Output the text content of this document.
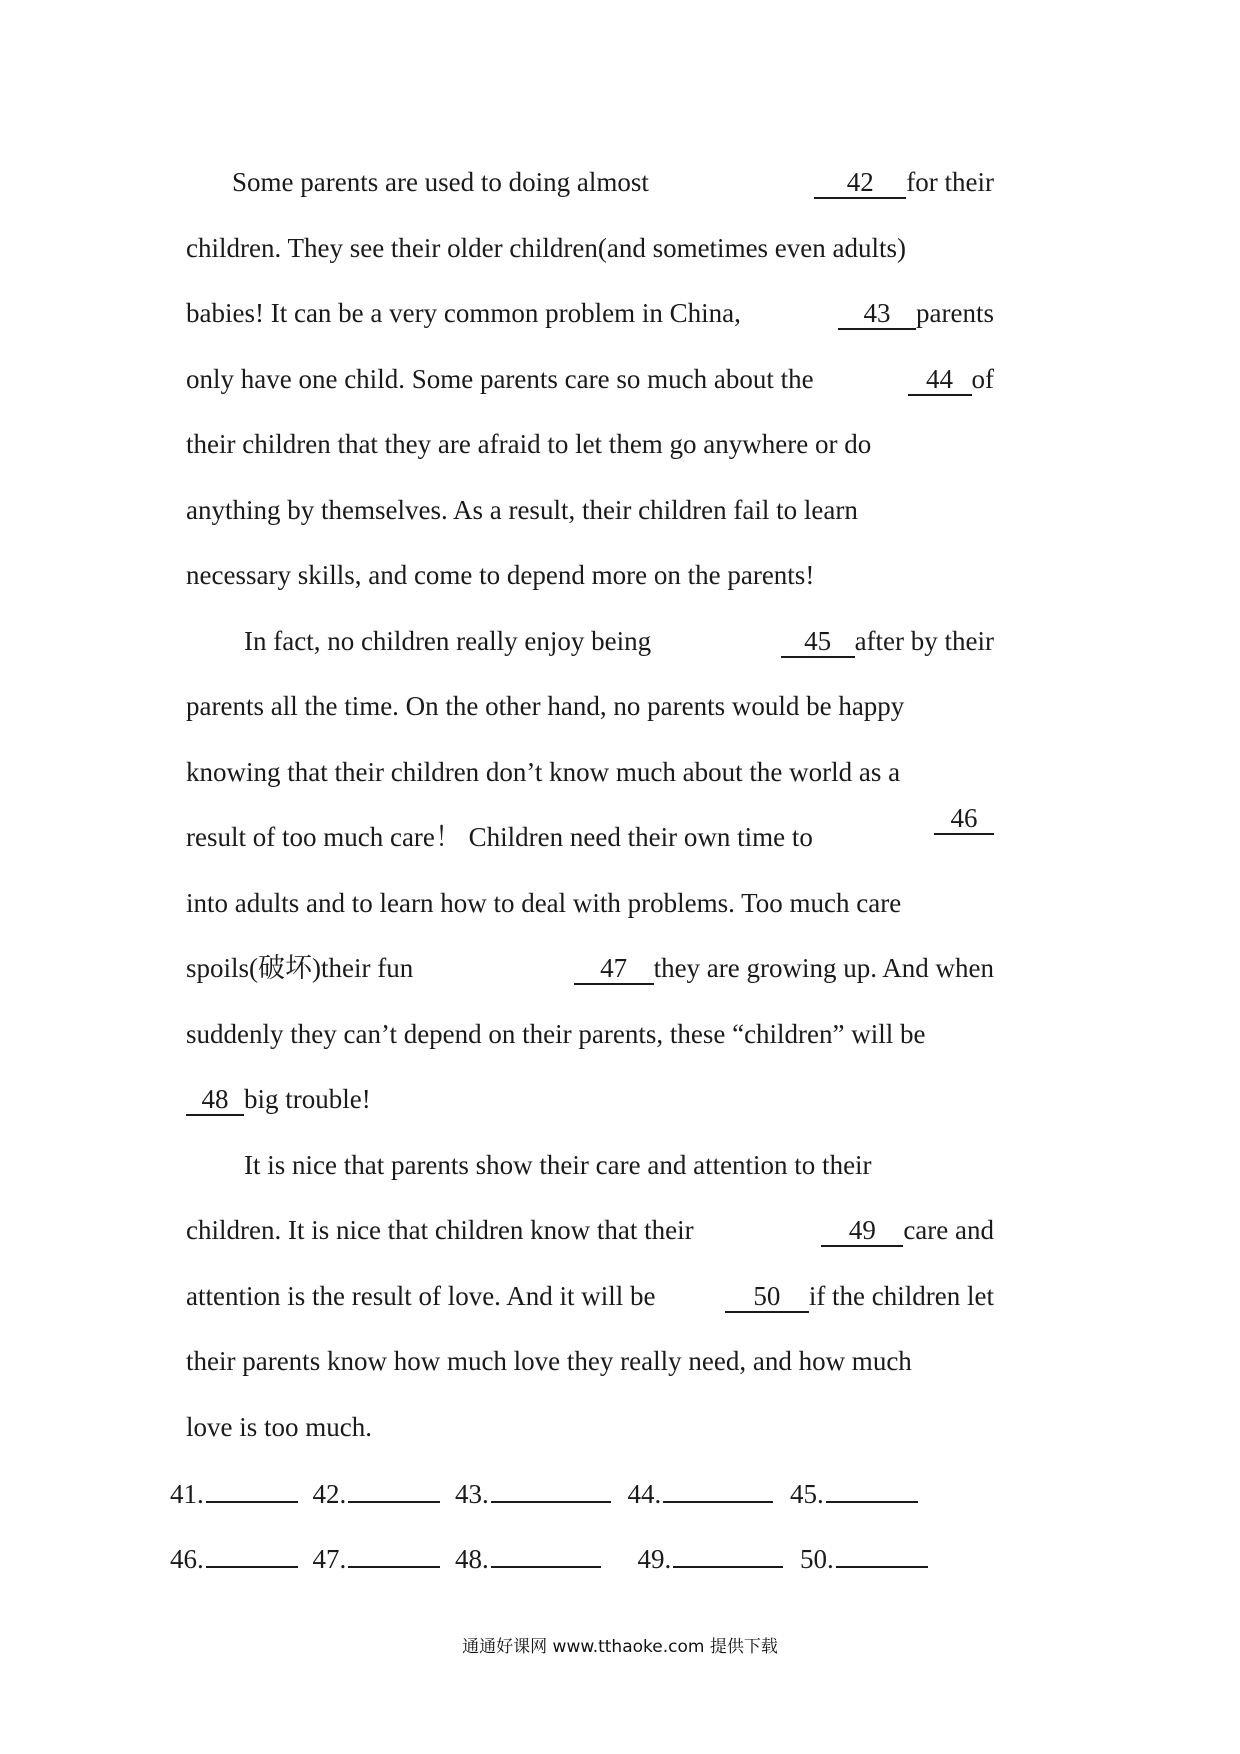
Some parents are used to doing almost	42 for their
children. They see their older children(and sometimes even adults)
babies! It can be a very common problem in China,	43 parents
only have one child. Some parents care so much about the	44 of
their children that they are afraid to let them go anywhere or do
anything by themselves. As a result, their children fail to learn
necessary skills, and come to depend more on the parents!
In fact, no children really enjoy being	45 after by their
parents all the time. On the other hand, no parents would be happy
knowing that their children don’t know much about the world as a
result of too much care！ Children need their own time to
46
into adults and to learn how to deal with problems. Too much care
spoils(破坏)their fun	47 they are growing up. And when
suddenly they can’t depend on their parents, these “children” will be
48 big trouble!
It is nice that parents show their care and attention to their
children. It is nice that children know that their	49 care and
attention is the result of love. And it will be	50 if the children let
their parents know how much love they really need, and how much
love is too much.
41.	42.	43.	44.	45.
46.	47.	48.	49.	50.
通通好课网 www.tthaoke.com 提供下载
